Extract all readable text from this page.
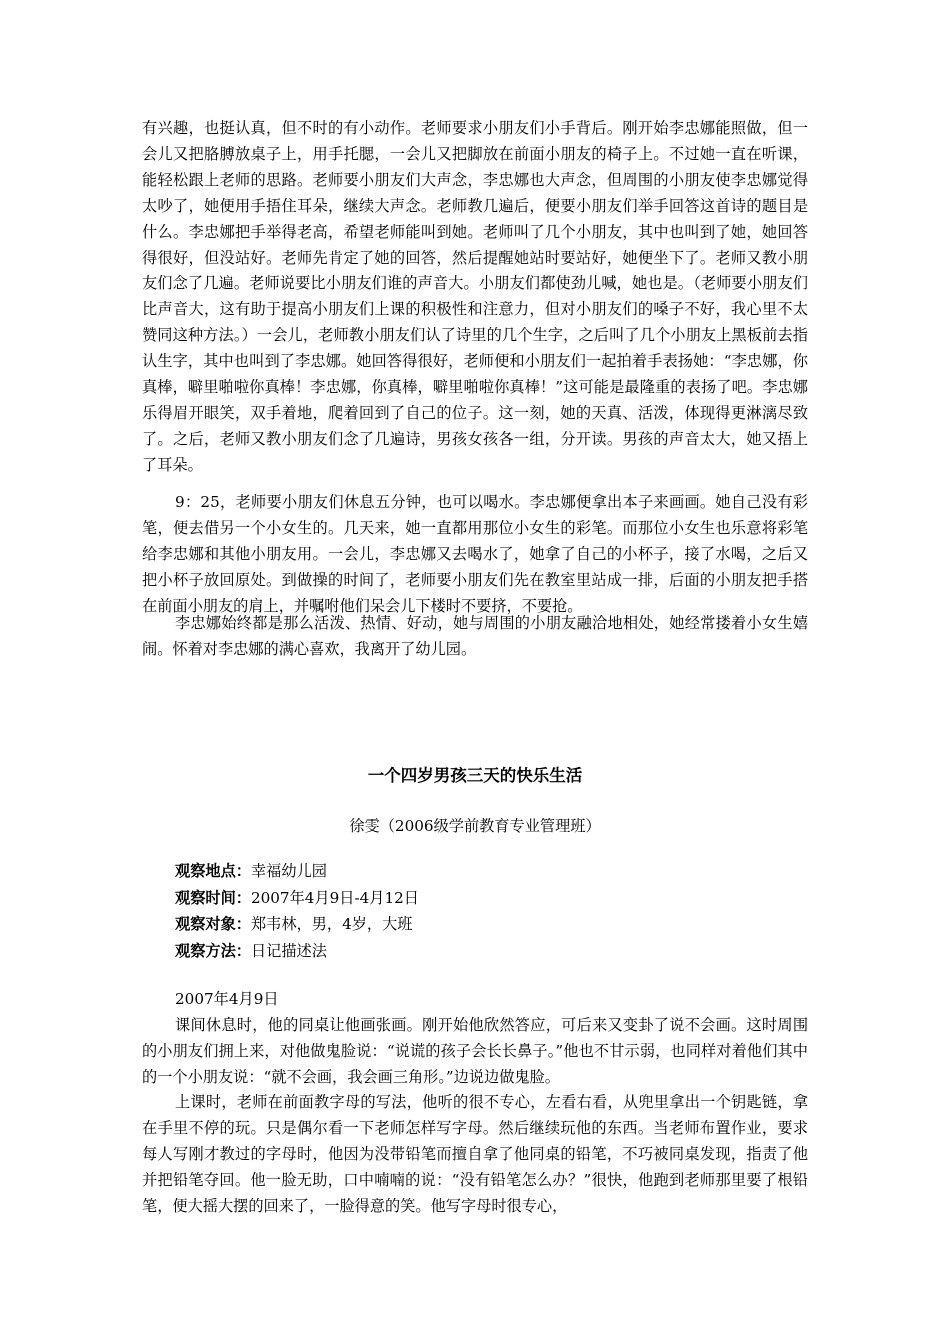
有兴趣，也挺认真，但不时的有小动作。老师要求小朋友们小手背后。刚开始李忠娜能照做，但一会儿又把胳膊放桌子上，用手托腮，一会儿又把脚放在前面小朋友的椅子上。不过她一直在听课，能轻松跟上老师的思路。老师要小朋友们大声念，李忠娜也大声念，但周围的小朋友使李忠娜觉得太吵了，她便用手捂住耳朵，继续大声念。老师教几遍后，便要小朋友们举手回答这首诗的题目是什么。李忠娜把手举得老高，希望老师能叫到她。老师叫了几个小朋友，其中也叫到了她，她回答得很好，但没站好。老师先肯定了她的回答，然后提醒她站时要站好，她便坐下了。老师又教小朋友们念了几遍。老师说要比小朋友们谁的声音大。小朋友们都使劲儿喊，她也是。（老师要小朋友们比声音大，这有助于提高小朋友们上课的积极性和注意力，但对小朋友们的嗓子不好，我心里不太赞同这种方法。）一会儿，老师教小朋友们认了诗里的几个生字，之后叫了几个小朋友上黑板前去指认生字，其中也叫到了李忠娜。她回答得很好，老师便和小朋友们一起拍着手表扬她：“李忠娜，你真棒，噼里啪啦你真棒！李忠娜，你真棒，噼里啪啦你真棒！”这可能是最隆重的表扬了吧。李忠娜乐得眉开眼笑，双手着地，爬着回到了自己的位子。这一刻，她的天真、活泼，体现得更淋漓尽致了。之后，老师又教小朋友们念了几遍诗，男孩女孩各一组，分开读。男孩的声音太大，她又捂上了耳朵。

9：25，老师要小朋友们休息五分钟，也可以喝水。李忠娜便拿出本子来画画。她自己没有彩笔，便去借另一个小女生的。几天来，她一直都用那位小女生的彩笔。而那位小女生也乐意将彩笔给李忠娜和其他小朋友用。一会儿，李忠娜又去喝水了，她拿了自己的小杯子，接了水喝，之后又把小杯子放回原处。到做操的时间了，老师要小朋友们先在教室里站成一排，后面的小朋友把手搭在前面小朋友的肩上，并嘱咐他们呆会儿下楼时不要挤，不要抢。

李忠娜始终都是那么活泼、热情、好动，她与周围的小朋友融洽地相处，她经常搂着小女生嬉闹。怀着对李忠娜的满心喜欢，我离开了幼儿园。

一个四岁男孩三天的快乐生活
徐雯（2006级学前教育专业管理班）
观察地点：幸福幼儿园
观察时间：2007年4月9日-4月12日
观察对象：郑韦林，男，4岁，大班
观察方法：日记描述法
2007年4月9日

课间休息时，他的同桌让他画张画。刚开始他欣然答应，可后来又变卦了说不会画。这时周围的小朋友们拥上来，对他做鬼脸说：“说谎的孩子会长长鼻子。”他也不甘示弱，也同样对着他们其中的一个小朋友说：“就不会画，我会画三角形。”边说边做鬼脸。

上课时，老师在前面教字母的写法，他听的很不专心，左看右看，从兜里拿出一个钥匙链，拿在手里不停的玩。只是偶尔看一下老师怎样写字母。然后继续玩他的东西。当老师布置作业，要求每人写刚才教过的字母时，他因为没带铅笔而擅自拿了他同桌的铅笔，不巧被同桌发现，指责了他并把铅笔夺回。他一脸无助，口中喃喃的说：“没有铅笔怎么办？”很快，他跑到老师那里要了根铅笔，便大摇大摆的回来了，一脸得意的笑。他写字母时很专心，
